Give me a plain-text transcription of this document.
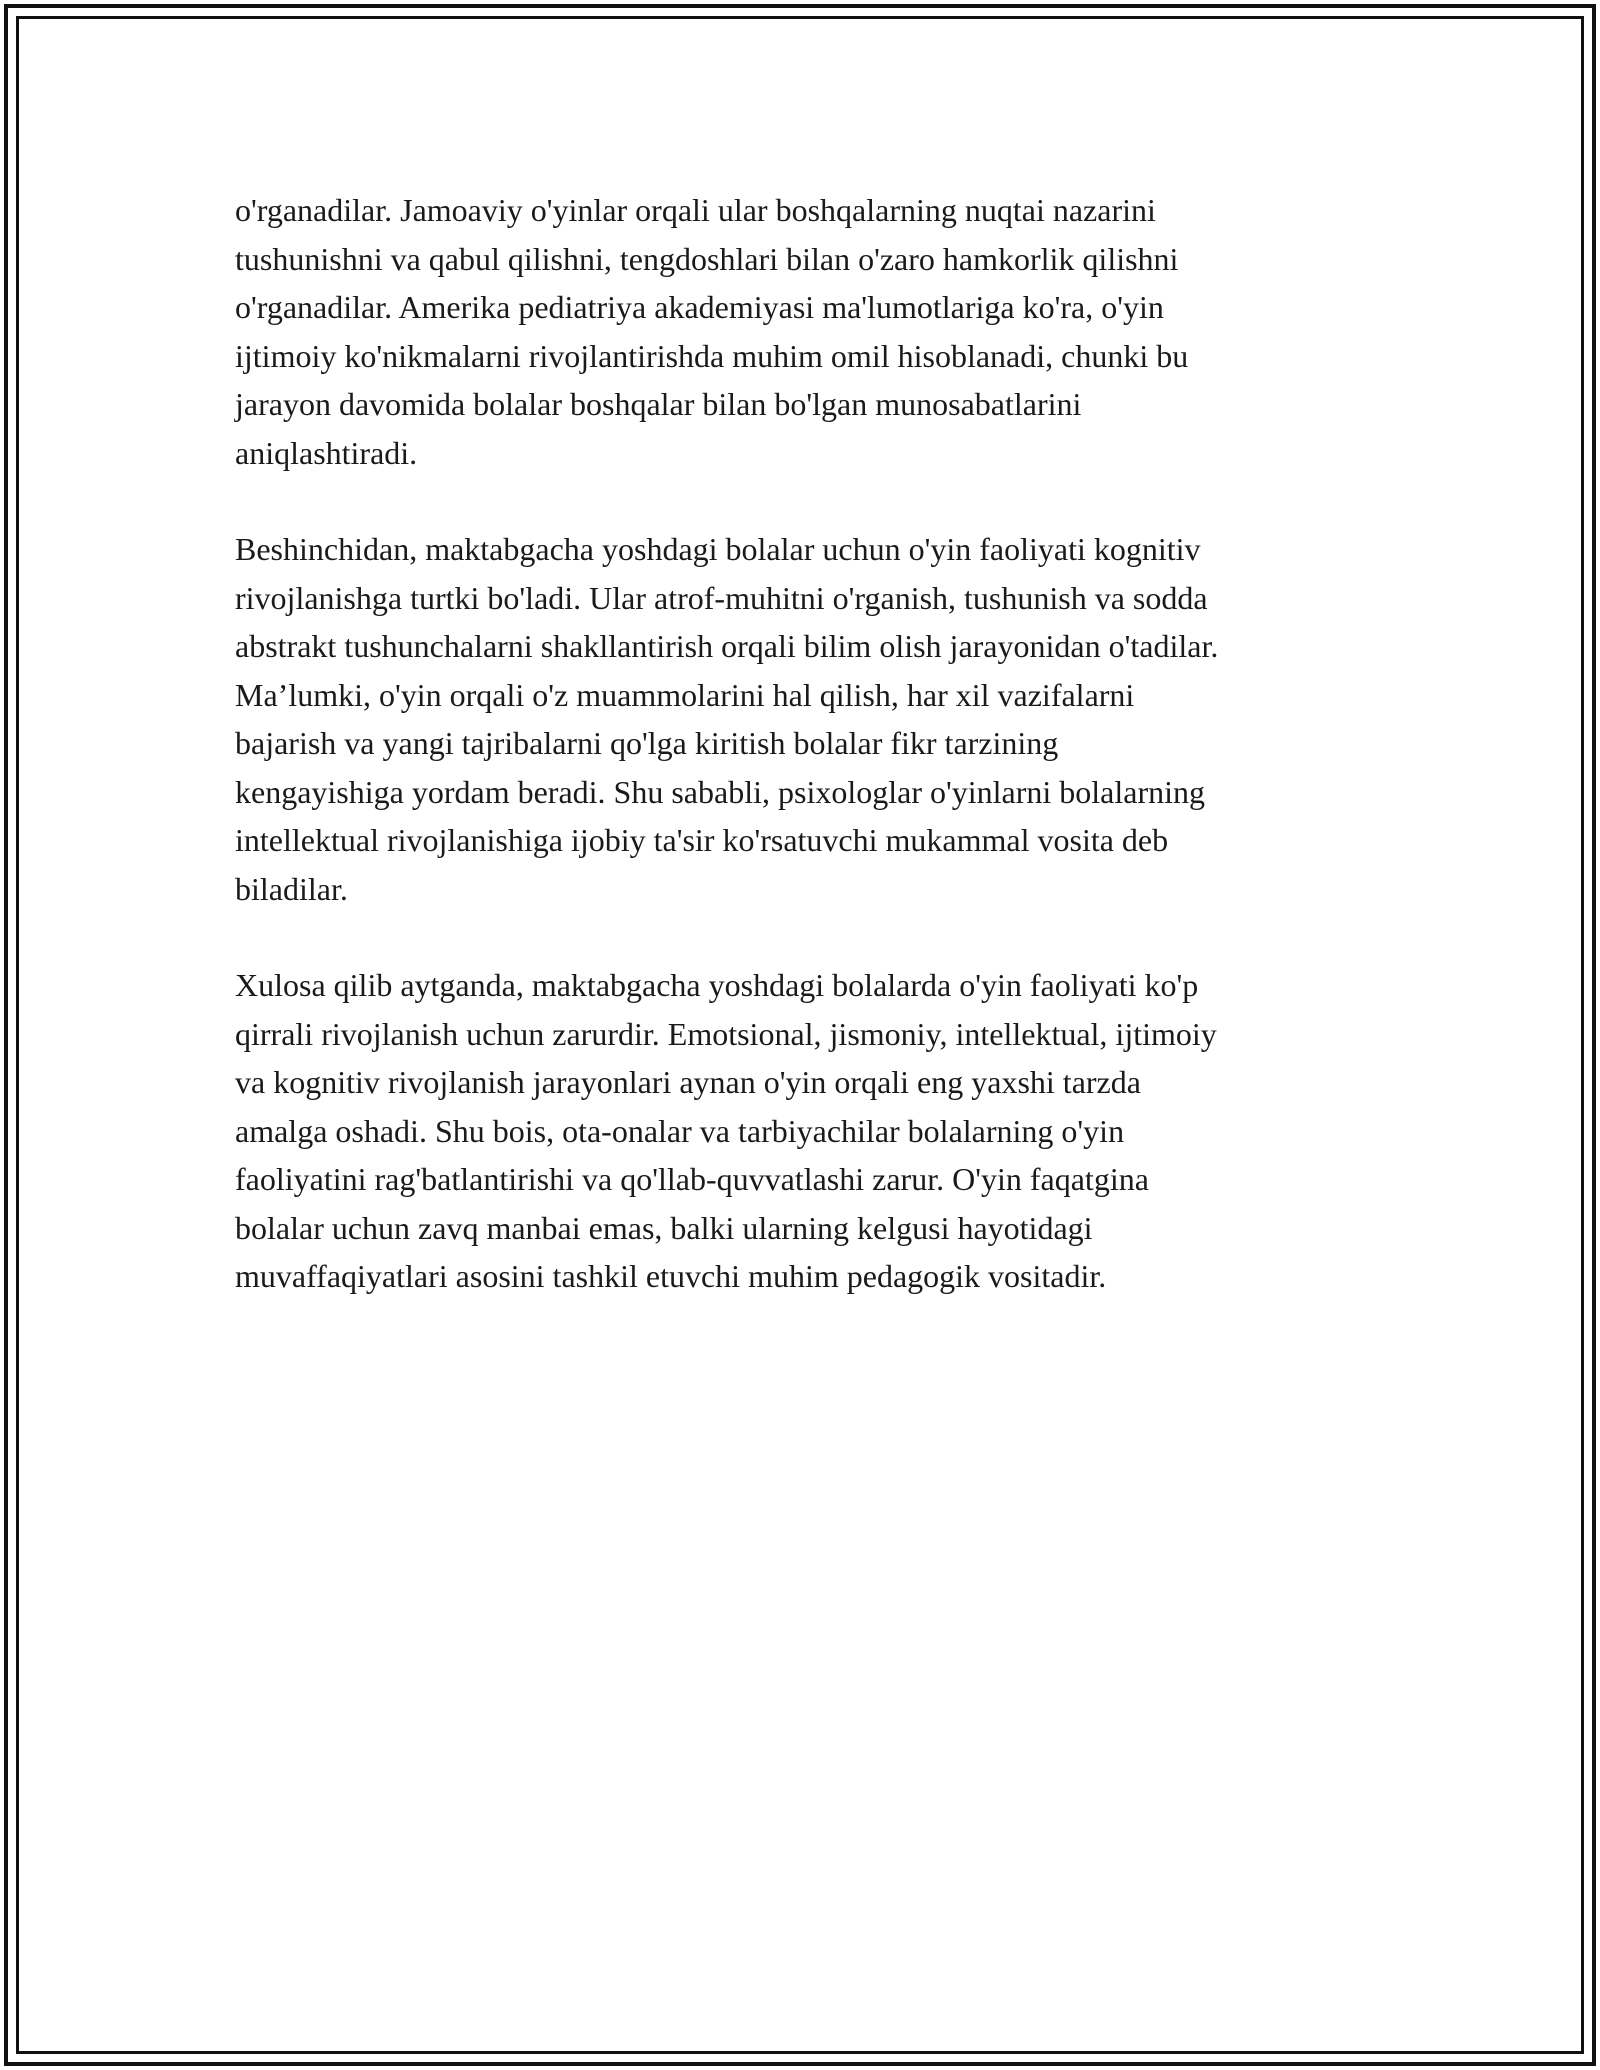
o'rganadilar. Jamoaviy o'yinlar orqali ular boshqalarning nuqtai nazarini
tushunishni va qabul qilishni, tengdoshlari bilan o'zaro hamkorlik qilishni
o'rganadilar. Amerika pediatriya akademiyasi ma'lumotlariga ko'ra, o'yin
ijtimoiy ko'nikmalarni rivojlantirishda muhim omil hisoblanadi, chunki bu
jarayon davomida bolalar boshqalar bilan bo'lgan munosabatlarini
aniqlashtiradi.

Beshinchidan, maktabgacha yoshdagi bolalar uchun o'yin faoliyati kognitiv
rivojlanishga turtki bo'ladi. Ular atrof-muhitni o'rganish, tushunish va sodda
abstrakt tushunchalarni shakllantirish orqali bilim olish jarayonidan o'tadilar.
Ma’lumki, o'yin orqali o'z muammolarini hal qilish, har xil vazifalarni
bajarish va yangi tajribalarni qo'lga kiritish bolalar fikr tarzining
kengayishiga yordam beradi. Shu sababli, psixologlar o'yinlarni bolalarning
intellektual rivojlanishiga ijobiy ta'sir ko'rsatuvchi mukammal vosita deb
biladilar.

Xulosa qilib aytganda, maktabgacha yoshdagi bolalarda o'yin faoliyati ko'p
qirrali rivojlanish uchun zarurdir. Emotsional, jismoniy, intellektual, ijtimoiy
va kognitiv rivojlanish jarayonlari aynan o'yin orqali eng yaxshi tarzda
amalga oshadi. Shu bois, ota-onalar va tarbiyachilar bolalarning o'yin
faoliyatini rag'batlantirishi va qo'llab-quvvatlashi zarur. O'yin faqatgina
bolalar uchun zavq manbai emas, balki ularning kelgusi hayotidagi
muvaffaqiyatlari asosini tashkil etuvchi muhim pedagogik vositadir.
